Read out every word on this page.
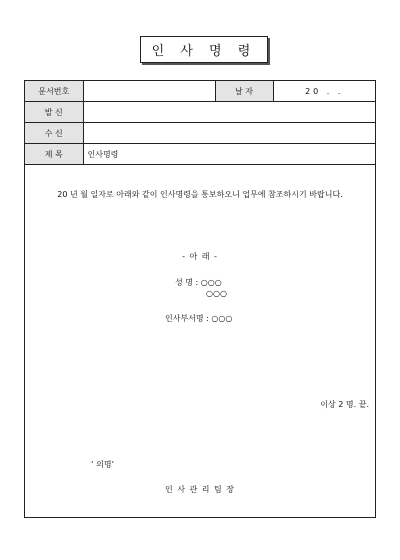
인 사 명 령
문서번호		날 자	20 . .
발 신			
수 신			
제 목	인사명령		
20 년 월 일자로 아래와 같이 인사명령을 통보하오니 업무에 참조하시기 바랍니다.
- 아 래 -
성 명 : ○○○
○○○
인사부서명 : ○○○
이상 2 명. 끝.
‘ 의명’
인 사 관 리 팀 장
